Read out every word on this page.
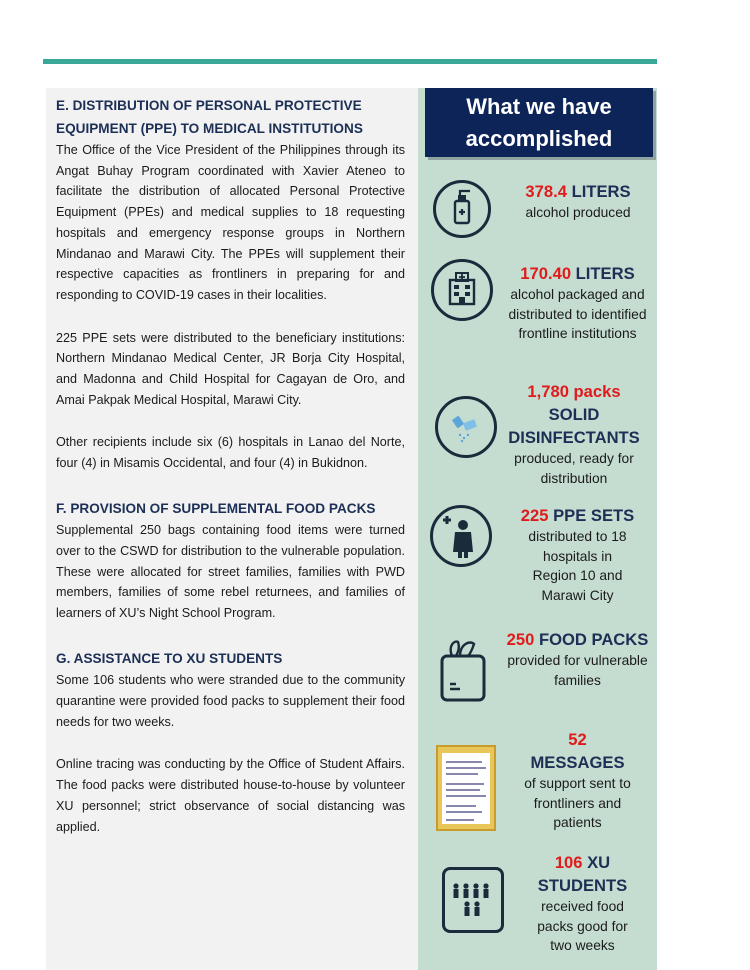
E. DISTRIBUTION OF PERSONAL PROTECTIVE EQUIPMENT (PPE) TO MEDICAL INSTITUTIONS

The Office of the Vice President of the Philippines through its Angat Buhay Program coordinated with Xavier Ateneo to facilitate the distribution of allocated Personal Protective Equipment (PPEs) and medical supplies to 18 requesting hospitals and emergency response groups in Northern Mindanao and Marawi City. The PPEs will supplement their respective capacities as frontliners in preparing for and responding to COVID-19 cases in their localities.

225 PPE sets were distributed to the beneficiary institutions: Northern Mindanao Medical Center, JR Borja City Hospital, and Madonna and Child Hospital for Cagayan de Oro, and Amai Pakpak Medical Hospital, Marawi City.

Other recipients include six (6) hospitals in Lanao del Norte, four (4) in Misamis Occidental, and four (4) in Bukidnon.

F. PROVISION OF SUPPLEMENTAL FOOD PACKS

Supplemental 250 bags containing food items were turned over to the CSWD for distribution to the vulnerable population. These were allocated for street families, families with PWD members, families of some rebel returnees, and families of learners of XU’s Night School Program.

G. ASSISTANCE TO XU STUDENTS

Some 106 students who were stranded due to the community quarantine were provided food packs to supplement their food needs for two weeks.

Online tracing was conducting by the Office of Student Affairs. The food packs were distributed house-to-house by volunteer XU personnel; strict observance of social distancing was applied.

What we have accomplished
378.4 LITERS
alcohol produced
170.40 LITERS
alcohol packaged and distributed to identified frontline institutions
1,780 packs
SOLID DISINFECTANTS
produced, ready for distribution
225 PPE SETS
distributed to 18 hospitals in Region 10 and Marawi City
250 FOOD PACKS
provided for vulnerable families
52
MESSAGES
of support sent to frontliners and patients
106 XU STUDENTS
received food packs good for two weeks
